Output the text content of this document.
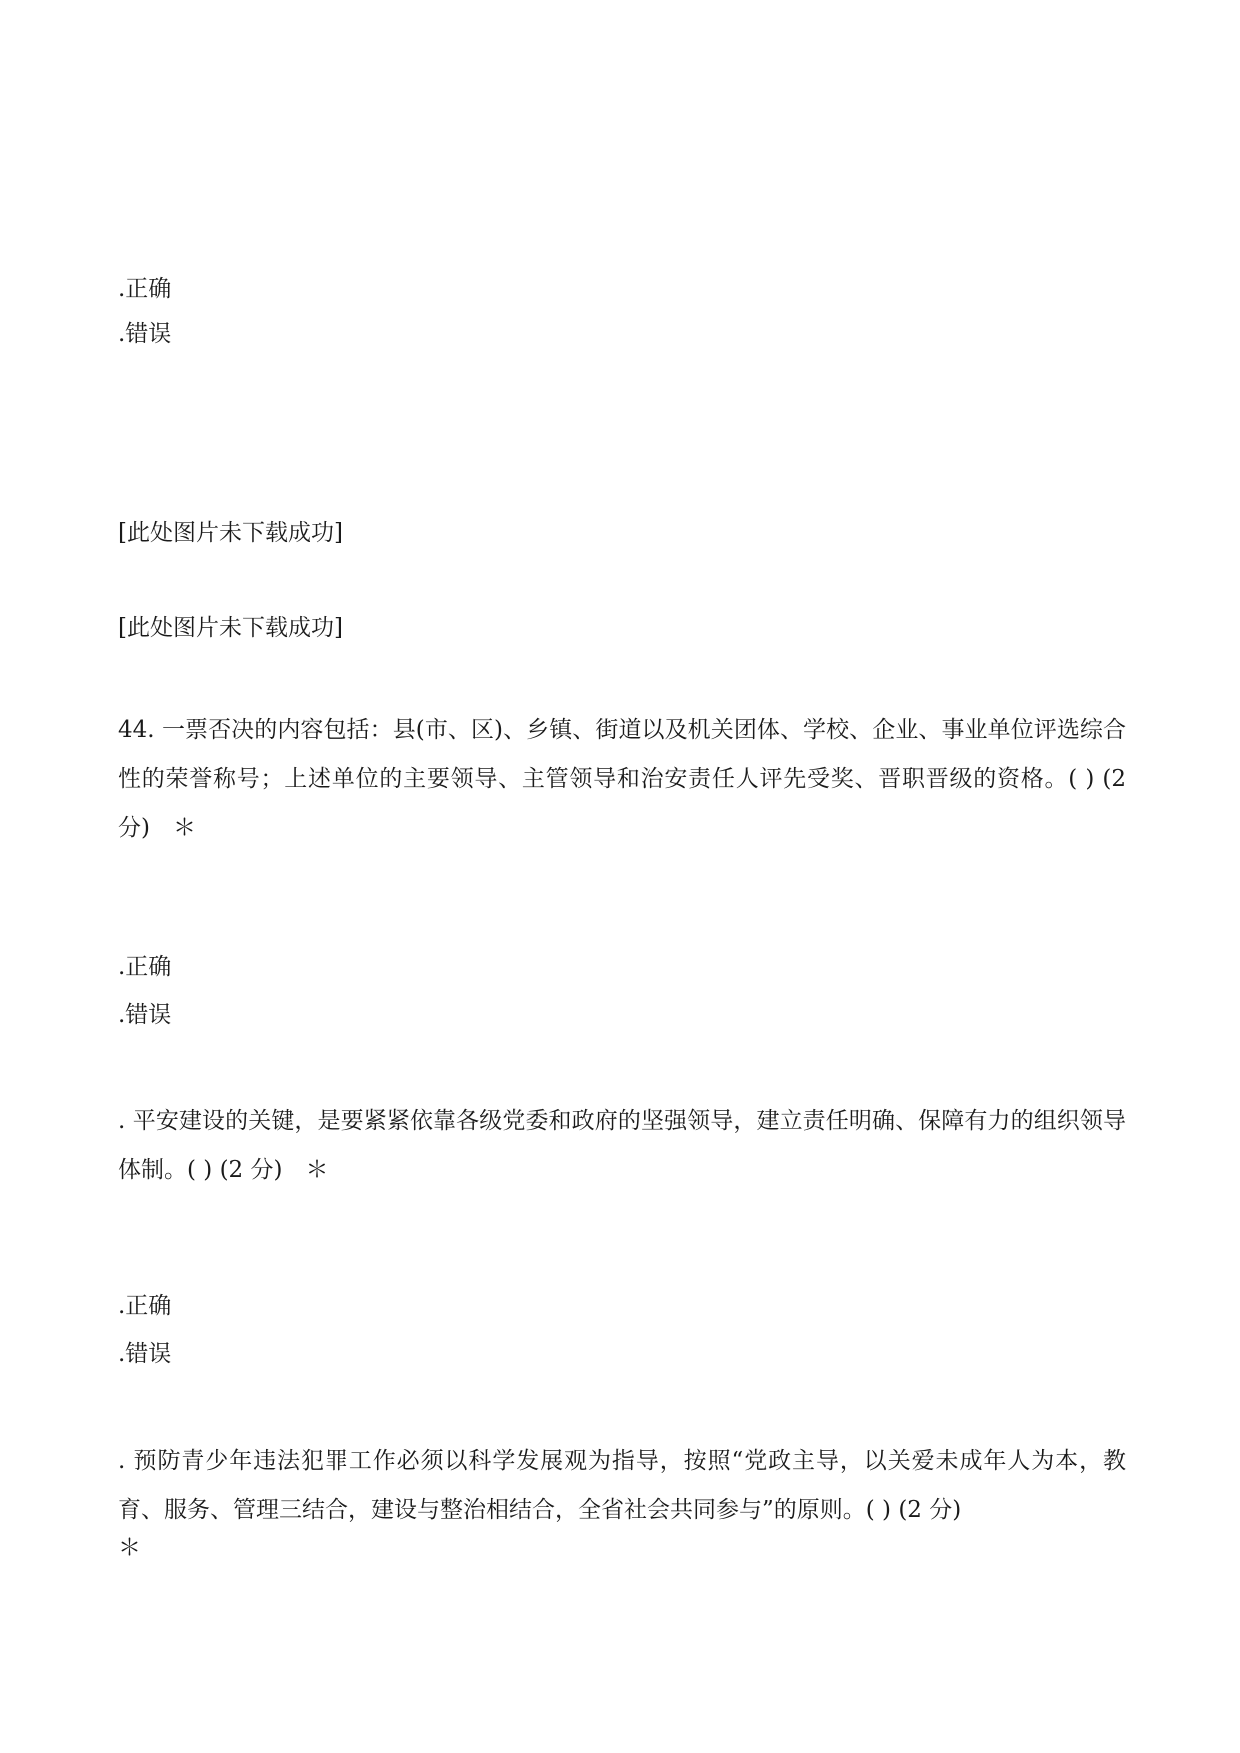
.正确
.错误
[此处图片未下载成功]
[此处图片未下载成功]
44. 一票否决的内容包括：县(市、区)、乡镇、街道以及机关团体、学校、企业、事业单位评选综合性的荣誉称号；上述单位的主要领导、主管领导和治安责任人评先受奖、晋职晋级的资格。( ) (2 分)　＊
.正确
.错误
. 平安建设的关键，是要紧紧依靠各级党委和政府的坚强领导，建立责任明确、保障有力的组织领导体制。( ) (2 分)　＊
.正确
.错误
. 预防青少年违法犯罪工作必须以科学发展观为指导，按照“党政主导，以关爱未成年人为本，教育、服务、管理三结合，建设与整治相结合，全省社会共同参与”的原则。( ) (2 分)
＊
